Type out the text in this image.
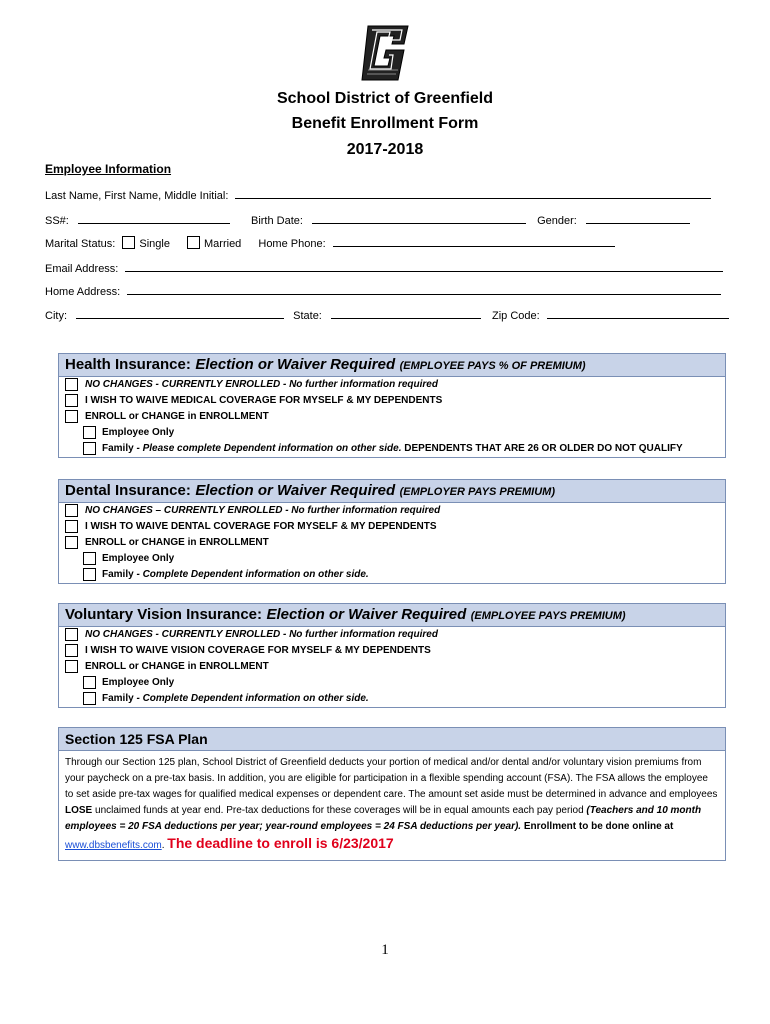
School District of Greenfield
Benefit Enrollment Form
2017-2018
Employee Information
Last Name, First Name, Middle Initial:
SS#:	Birth Date:	Gender:
Marital Status: Single	Married Home Phone:
Email Address:
Home Address:
City:	State:	Zip Code:
Health Insurance: Election or Waiver Required (EMPLOYEE PAYS % OF PREMIUM)
NO CHANGES - CURRENTLY ENROLLED - No further information required
I WISH TO WAIVE MEDICAL COVERAGE FOR MYSELF & MY DEPENDENTS
ENROLL or CHANGE in ENROLLMENT
Employee Only
Family - Please complete Dependent information on other side. DEPENDENTS THAT ARE 26 OR OLDER DO NOT QUALIFY
Dental Insurance: Election or Waiver Required (EMPLOYER PAYS PREMIUM)
NO CHANGES – CURRENTLY ENROLLED - No further information required
I WISH TO WAIVE DENTAL COVERAGE FOR MYSELF & MY DEPENDENTS
ENROLL or CHANGE in ENROLLMENT
Employee Only
Family - Complete Dependent information on other side.
Voluntary Vision Insurance: Election or Waiver Required (EMPLOYEE PAYS PREMIUM)
NO CHANGES - CURRENTLY ENROLLED - No further information required
I WISH TO WAIVE VISION COVERAGE FOR MYSELF & MY DEPENDENTS
ENROLL or CHANGE in ENROLLMENT
Employee Only
Family - Complete Dependent information on other side.
Section 125 FSA Plan
Through our Section 125 plan, School District of Greenfield deducts your portion of medical and/or dental and/or voluntary vision premiums from your paycheck on a pre-tax basis. In addition, you are eligible for participation in a flexible spending account (FSA). The FSA allows the employee to set aside pre-tax wages for qualified medical expenses or dependent care. The amount set aside must be determined in advance and employees LOSE unclaimed funds at year end. Pre-tax deductions for these coverages will be in equal amounts each pay period (Teachers and 10 month employees = 20 FSA deductions per year; year-round employees = 24 FSA deductions per year). Enrollment to be done online at www.dbsbenefits.com. The deadline to enroll is 6/23/2017
1
